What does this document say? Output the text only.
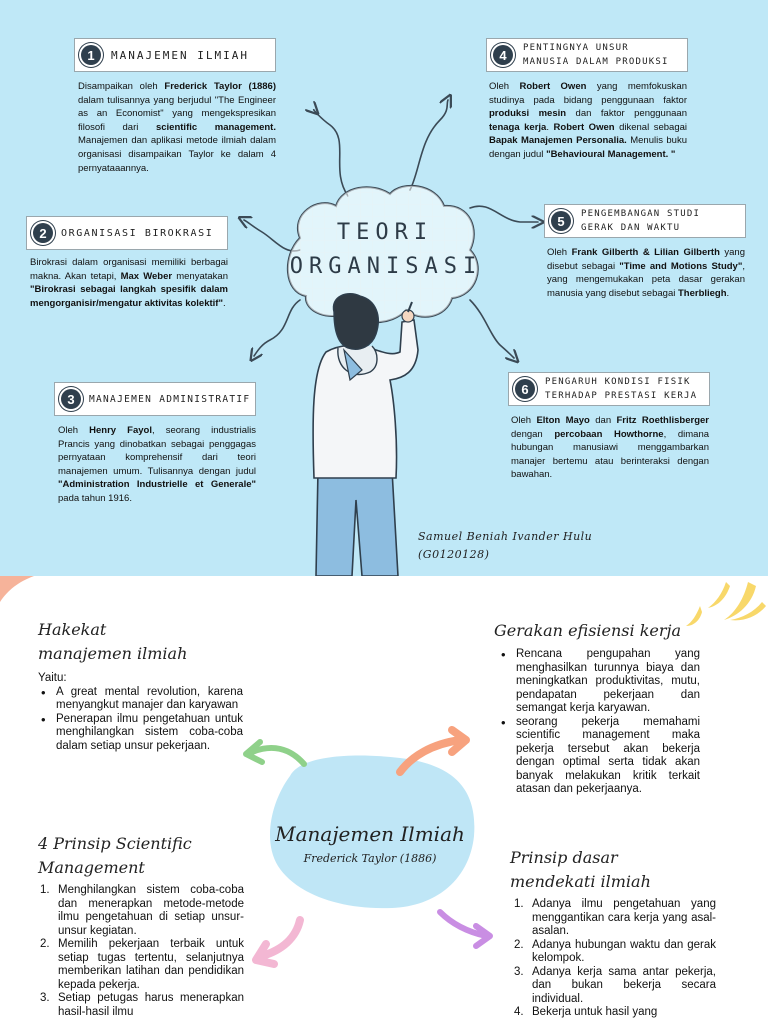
TEORI
ORGANISASI
1	MANAJEMEN ILMIAH
Disampaikan oleh Frederick Taylor (1886) dalam tulisannya yang berjudul "The Engineer as an Economist" yang mengekspresikan filosofi dari scientific management. Manajemen dan aplikasi metode ilmiah dalam organisasi disampaikan Taylor ke dalam 4 pernyataaannya.
2	ORGANISASI BIROKRASI
Birokrasi dalam organisasi memiliki berbagai makna. Akan tetapi, Max Weber menyatakan "Birokrasi sebagai langkah spesifik dalam mengorganisir/mengatur aktivitas kolektif".
3	MANAJEMEN ADMINISTRATIF
Oleh Henry Fayol, seorang industrialis Prancis yang dinobatkan sebagai penggagas pernyataan komprehensif dari teori manajemen umum. Tulisannya dengan judul "Administration Industrielle et Generale" pada tahun 1916.
4	PENTINGNYA UNSUR
MANUSIA DALAM PRODUKSI
Oleh Robert Owen yang memfokuskan studinya pada bidang penggunaan faktor produksi mesin dan faktor penggunaan tenaga kerja. Robert Owen dikenal sebagai Bapak Manajemen Personalia. Menulis buku dengan judul "Behavioural Management. "
5	PENGEMBANGAN STUDI
GERAK DAN WAKTU
Oleh Frank Gilberth & Lilian Gilberth yang disebut sebagai "Time and Motions Study", yang mengemukakan peta dasar gerakan manusia yang disebut sebagai Therbliegh.
6	PENGARUH KONDISI FISIK
TERHADAP PRESTASI KERJA
Oleh Elton Mayo dan Fritz Roethlisberger dengan percobaan Howthorne, dimana hubungan manusiawi menggambarkan manajer bertemu atau berinteraksi dengan bawahan.
Samuel Beniah Ivander Hulu
(G0120128)
Manajemen Ilmiah
Frederick Taylor (1886)
Hakekat
manajemen ilmiah
Yaitu:
• A great mental revolution, karena menyangkut manajer dan karyawan
• Penerapan ilmu pengetahuan untuk menghilangkan sistem coba-coba dalam setiap unsur pekerjaan.
Gerakan efisiensi kerja
• Rencana pengupahan yang menghasilkan turunnya biaya dan meningkatkan produktivitas, mutu, pendapatan pekerjaan dan semangat kerja karyawan.
• seorang pekerja memahami scientific management maka pekerja tersebut akan bekerja dengan optimal serta tidak akan banyak melakukan kritik terkait atasan dan pekerjaanya.
4 Prinsip Scientific
Management
1. Menghilangkan sistem coba-coba dan menerapkan metode-metode ilmu pengetahuan di setiap unsur-unsur kegiatan.
2. Memilih pekerjaan terbaik untuk setiap tugas tertentu, selanjutnya memberikan latihan dan pendidikan kepada pekerja.
3. Setiap petugas harus menerapkan hasil-hasil ilmu
Prinsip dasar
mendekati ilmiah
1. Adanya ilmu pengetahuan yang menggantikan cara kerja yang asal-asalan.
2. Adanya hubungan waktu dan gerak kelompok.
3. Adanya kerja sama antar pekerja, dan bukan bekerja secara individual.
4. Bekerja untuk hasil yang
